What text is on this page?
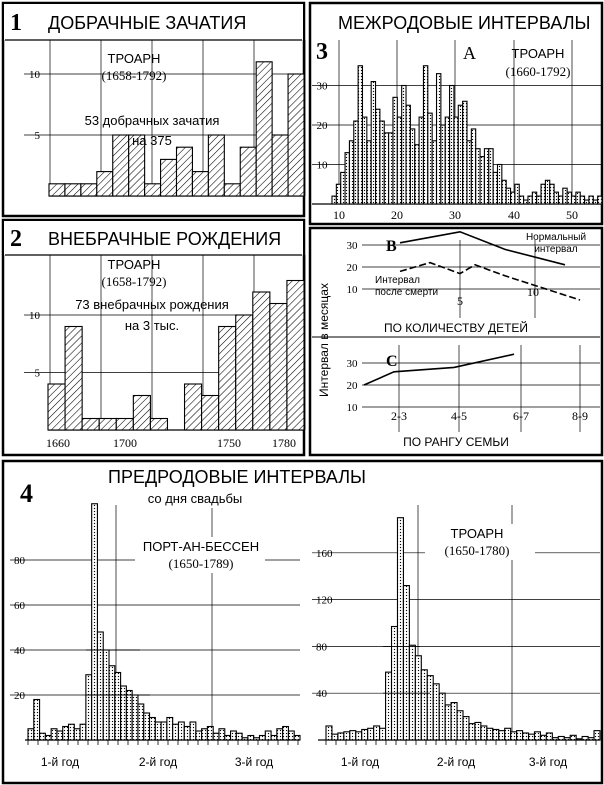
1 ДОБРАЧНЫЕ ЗАЧАТИЯ
5
10
ТРОАРН
(1658-1792)
53 добрачных зачатия
на 375
2 ВНЕБРАЧНЫЕ РОЖДЕНИЯ
5
10
1660	1700	1750	1780
ТРОАРН
(1658-1792)
73 внебрачных рождения
на 3 тыс.
МЕЖРОДОВЫЕ ИНТЕРВАЛЫ
3
10
20
30
10	20	30	40	50
A	ТРОАРН
(1660-1792)
Интервал в месяцах 10
20
30
5
10
B
Нормальный
интервал
Интервал
после смерти
ПО КОЛИЧЕСТВУ ДЕТЕЙ
10
20
30
2-3	4-5	6-7	8-9
C
ПО РАНГУ СЕМЬИ
4
20
40
60
80
1-й год	2-й год	3-й год
40
80
120
160
1-й год	2-й год	3-й год
ПРЕДРОДОВЫЕ ИНТЕРВАЛЫ
со дня свадьбы
ПОРТ-АН-БЕССЕН
(1650-1789)
ТРОАРН
(1650-1780)
